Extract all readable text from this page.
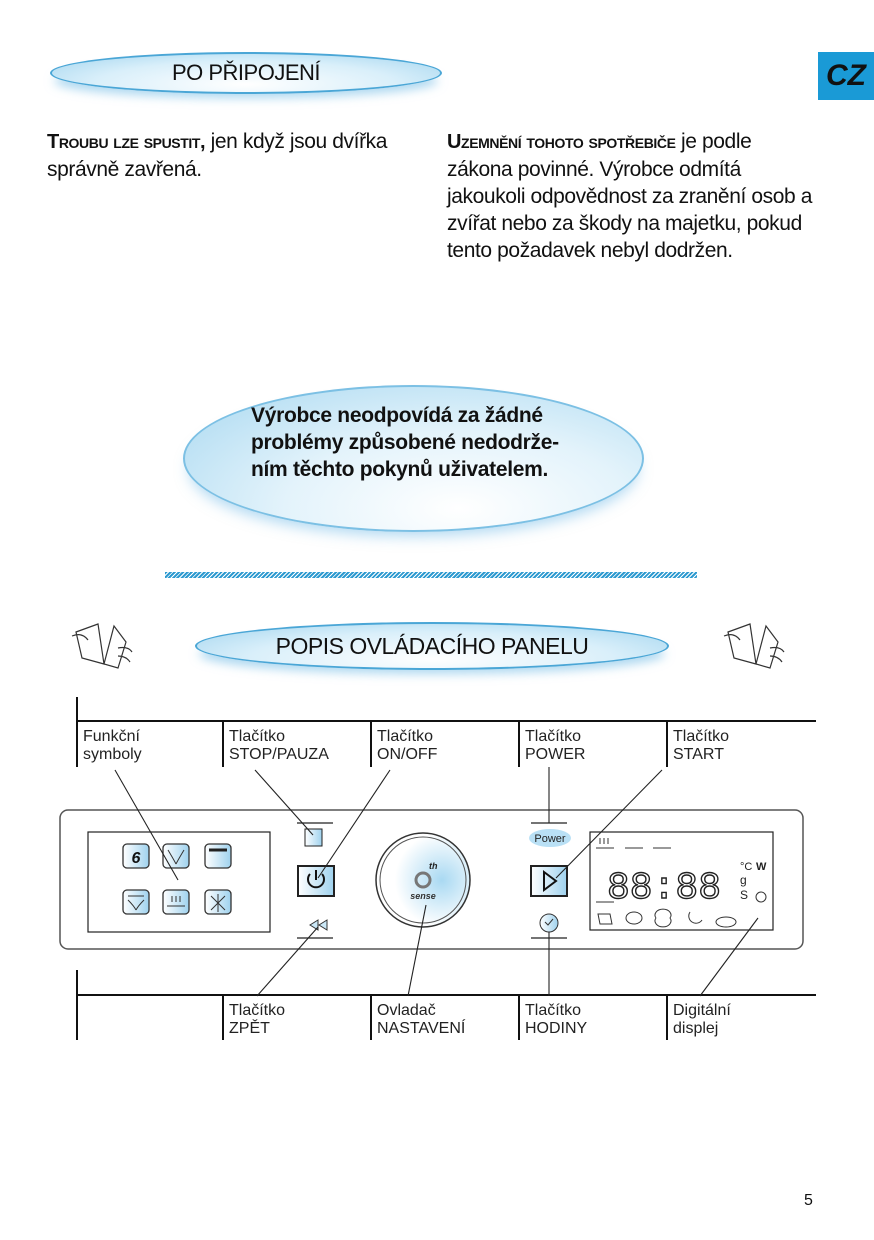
PO PŘIPOJENÍ	CZ
Troubu lze spustit, jen když jsou dvířka správně zavřená.
Uzemnění tohoto spotřebiče je podle zákona povinné. Výrobce odmítá jakoukoli odpovědnost za zranění osob a zvířat nebo za škody na majetku, pokud tento požadavek nebyl dodržen.
Výrobce neodpovídá za žádné
problémy způsobené nedodrže-
ním těchto pokynů uživatelem.
POPIS OVLÁDACÍHO PANELU
6	th
sense
Power
88:88 °C
g
S
W
Funkční
symboly
Tlačítko
STOP/PAUZA
Tlačítko
ON/OFF
Tlačítko
POWER
Tlačítko
START
Tlačítko
ZPĚT
Ovladač
NASTAVENÍ
Tlačítko
HODINY
Digitální
displej
5
